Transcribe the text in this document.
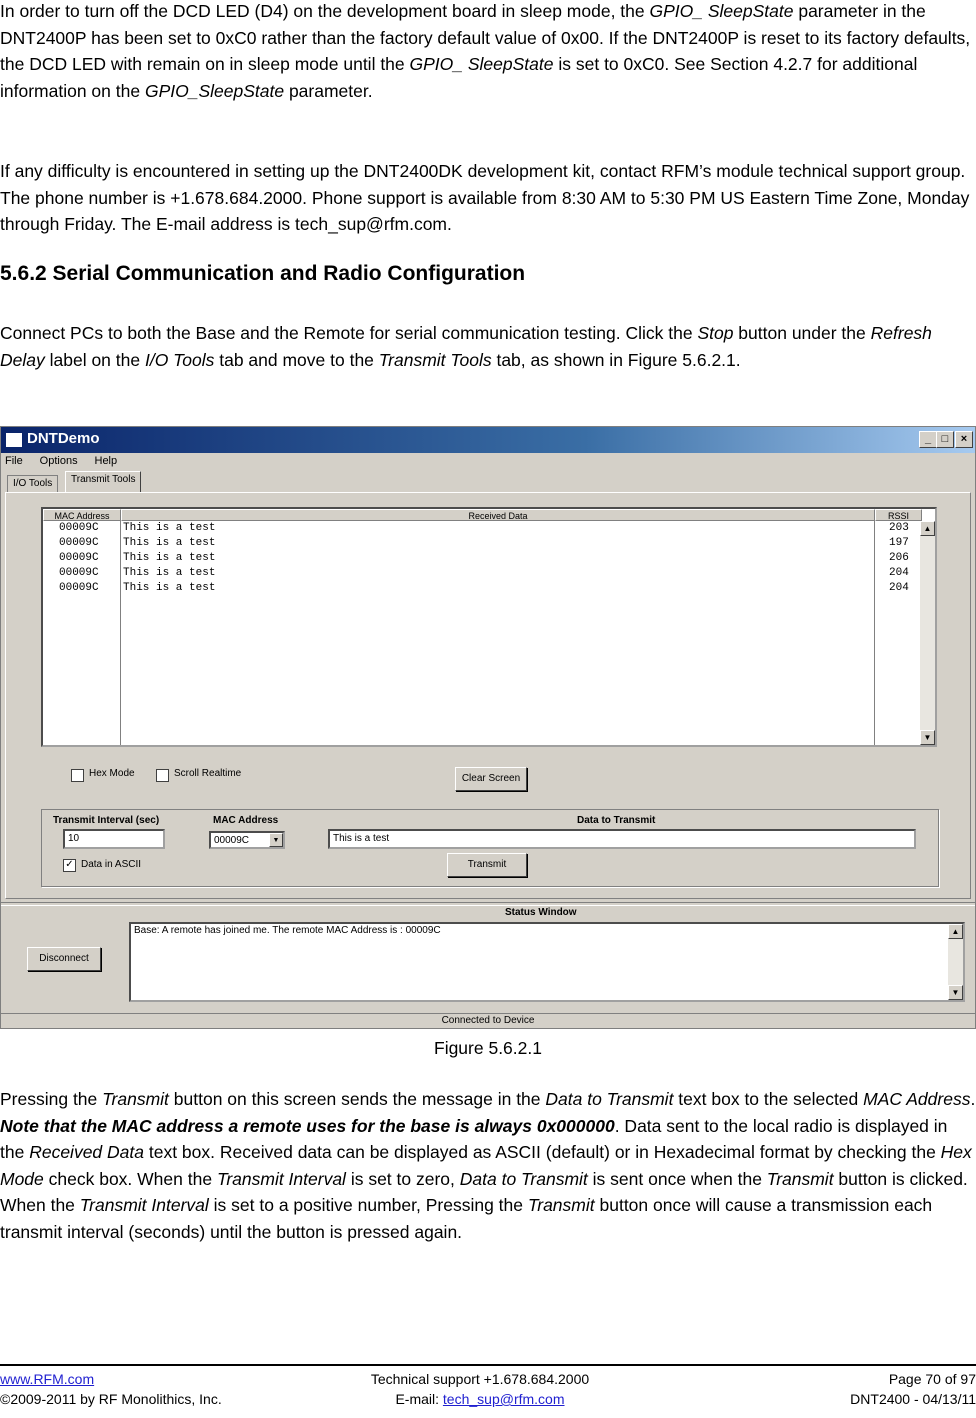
In order to turn off the DCD LED (D4) on the development board in sleep mode, the GPIO_ SleepState parameter in the DNT2400P has been set to 0xC0 rather than the factory default value of 0x00. If the DNT2400P is reset to its factory defaults, the DCD LED with remain on in sleep mode until the GPIO_ SleepState is set to 0xC0. See Section 4.2.7 for additional information on the GPIO_SleepState parameter.

If any difficulty is encountered in setting up the DNT2400DK development kit, contact RFM’s module technical support group. The phone number is +1.678.684.2000. Phone support is available from 8:30 AM to 5:30 PM US Eastern Time Zone, Monday through Friday. The E-mail address is tech_sup@rfm.com.

5.6.2 Serial Communication and Radio Configuration

Connect PCs to both the Base and the Remote for serial communication testing. Click the Stop button under the Refresh Delay label on the I/O Tools tab and move to the Transmit Tools tab, as shown in Figure 5.6.2.1.

DNTDemo	_ □	×
File Options Help
I/O Tools	Transmit Tools
MAC Address	Received Data	RSSI
00009C This is a test	203
00009C This is a test	197
00009C This is a test	206
00009C This is a test	204
00009C This is a test	204
▲
▼
Hex Mode	Scroll Realtime	Clear Screen
Transmit Interval (sec)
10
MAC Address
00009C	▼
Data to Transmit
This is a test
✓ Data in ASCII	Transmit
Status Window
Base: A remote has joined me. The remote MAC Address is : 00009C	▲
▼
Disconnect
Connected to Device
Figure 5.6.2.1

Pressing the Transmit button on this screen sends the message in the Data to Transmit text box to the selected MAC Address. Note that the MAC address a remote uses for the base is always 0x000000. Data sent to the local radio is displayed in the Received Data text box. Received data can be displayed as ASCII (default) or in Hexadecimal format by checking the Hex Mode check box. When the Transmit Interval is set to zero, Data to Transmit is sent once when the Transmit button is clicked. When the Transmit Interval is set to a positive number, Pressing the Transmit button once will cause a transmission each transmit interval (seconds) until the button is pressed again.

www.RFM.com
©2009-2011 by RF Monolithics, Inc.
Technical support +1.678.684.2000
E-mail: tech_sup@rfm.com
Page 70 of 97
DNT2400 - 04/13/11
